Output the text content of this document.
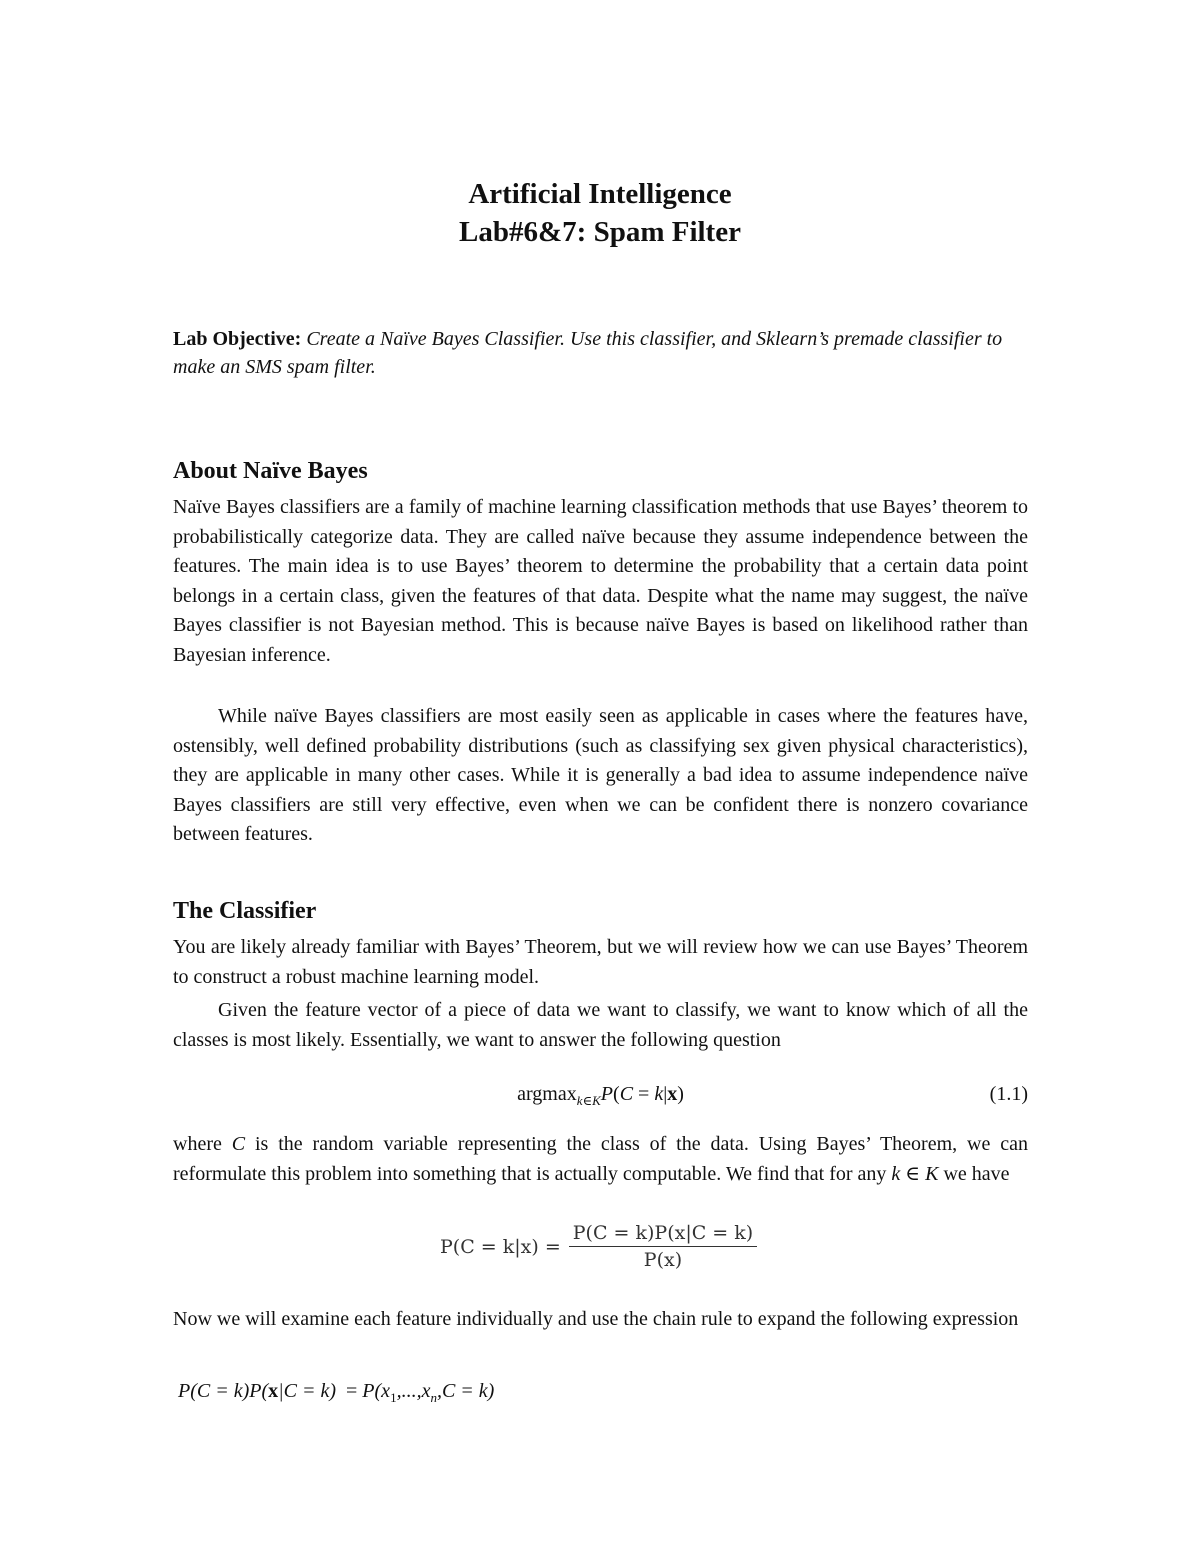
Artificial Intelligence
Lab#6&7: Spam Filter
Lab Objective: Create a Naïve Bayes Classifier. Use this classifier, and Sklearn’s premade classifier to make an SMS spam filter.
About Naïve Bayes

Naïve Bayes classifiers are a family of machine learning classification methods that use Bayes’ theorem to probabilistically categorize data. They are called naïve because they assume independence between the features. The main idea is to use Bayes’ theorem to determine the probability that a certain data point belongs in a certain class, given the features of that data. Despite what the name may suggest, the naïve Bayes classifier is not Bayesian method. This is because naïve Bayes is based on likelihood rather than Bayesian inference.

While naïve Bayes classifiers are most easily seen as applicable in cases where the features have, ostensibly, well defined probability distributions (such as classifying sex given physical characteristics), they are applicable in many other cases. While it is generally a bad idea to assume independence naïve Bayes classifiers are still very effective, even when we can be confident there is nonzero covariance between features.

The Classifier

You are likely already familiar with Bayes’ Theorem, but we will review how we can use Bayes’ Theorem to construct a robust machine learning model.

Given the feature vector of a piece of data we want to classify, we want to know which of all the classes is most likely. Essentially, we want to answer the following question

argmax$_{k\in K}$P(C = k|x)	(1.1)

where C is the random variable representing the class of the data. Using Bayes’ Theorem, we can reformulate this problem into something that is actually computable. We find that for any k ∈ K we have

$P(C = k|x) = \frac{P(C = k)P(x|C = k)}{P(x)}$

Now we will examine each feature individually and use the chain rule to expand the following expression

$P(C = k)P(x|C = k) = P(x_1,...,x_n,C = k)$
